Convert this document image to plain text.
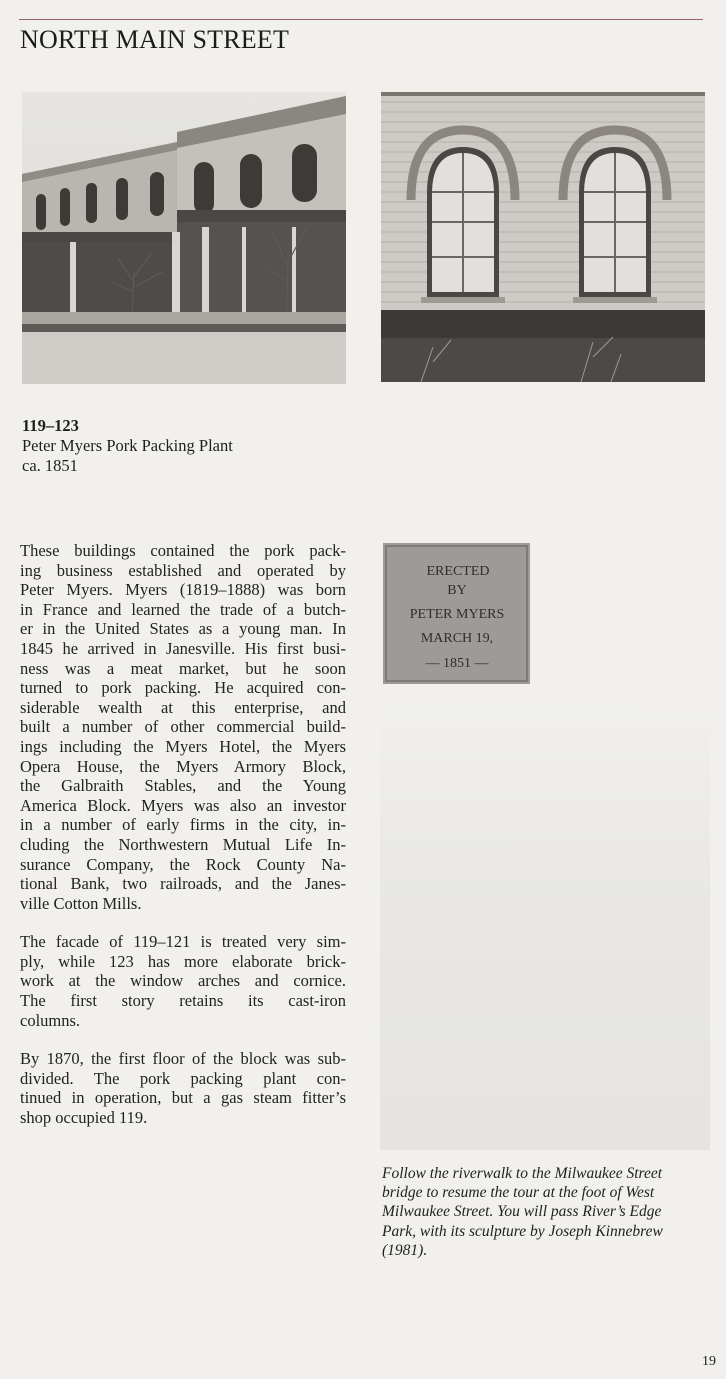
NORTH MAIN STREET
119–123
Peter Myers Pork Packing Plant
ca. 1851
ERECTED
BY
PETER MYERS
MARCH 19,
— 1851 —

These buildings contained the pork pack-
ing business established and operated by
Peter Myers. Myers (1819–1888) was born
in France and learned the trade of a butch-
er in the United States as a young man. In
1845 he arrived in Janesville. His first busi-
ness was a meat market, but he soon
turned to pork packing. He acquired con-
siderable wealth at this enterprise, and
built a number of other commercial build-
ings including the Myers Hotel, the Myers
Opera House, the Myers Armory Block,
the Galbraith Stables, and the Young
America Block. Myers was also an investor
in a number of early firms in the city, in-
cluding the Northwestern Mutual Life In-
surance Company, the Rock County Na-
tional Bank, two railroads, and the Janes-
ville Cotton Mills.

The facade of 119–121 is treated very sim-
ply, while 123 has more elaborate brick-
work at the window arches and cornice.
The first story retains its cast-iron
columns.

By 1870, the first floor of the block was sub-
divided. The pork packing plant con-
tinued in operation, but a gas steam fitter’s
shop occupied 119.

Follow the riverwalk to the Milwaukee Street
bridge to resume the tour at the foot of West
Milwaukee Street. You will pass River’s Edge
Park, with its sculpture by Joseph Kinnebrew
(1981).
19
